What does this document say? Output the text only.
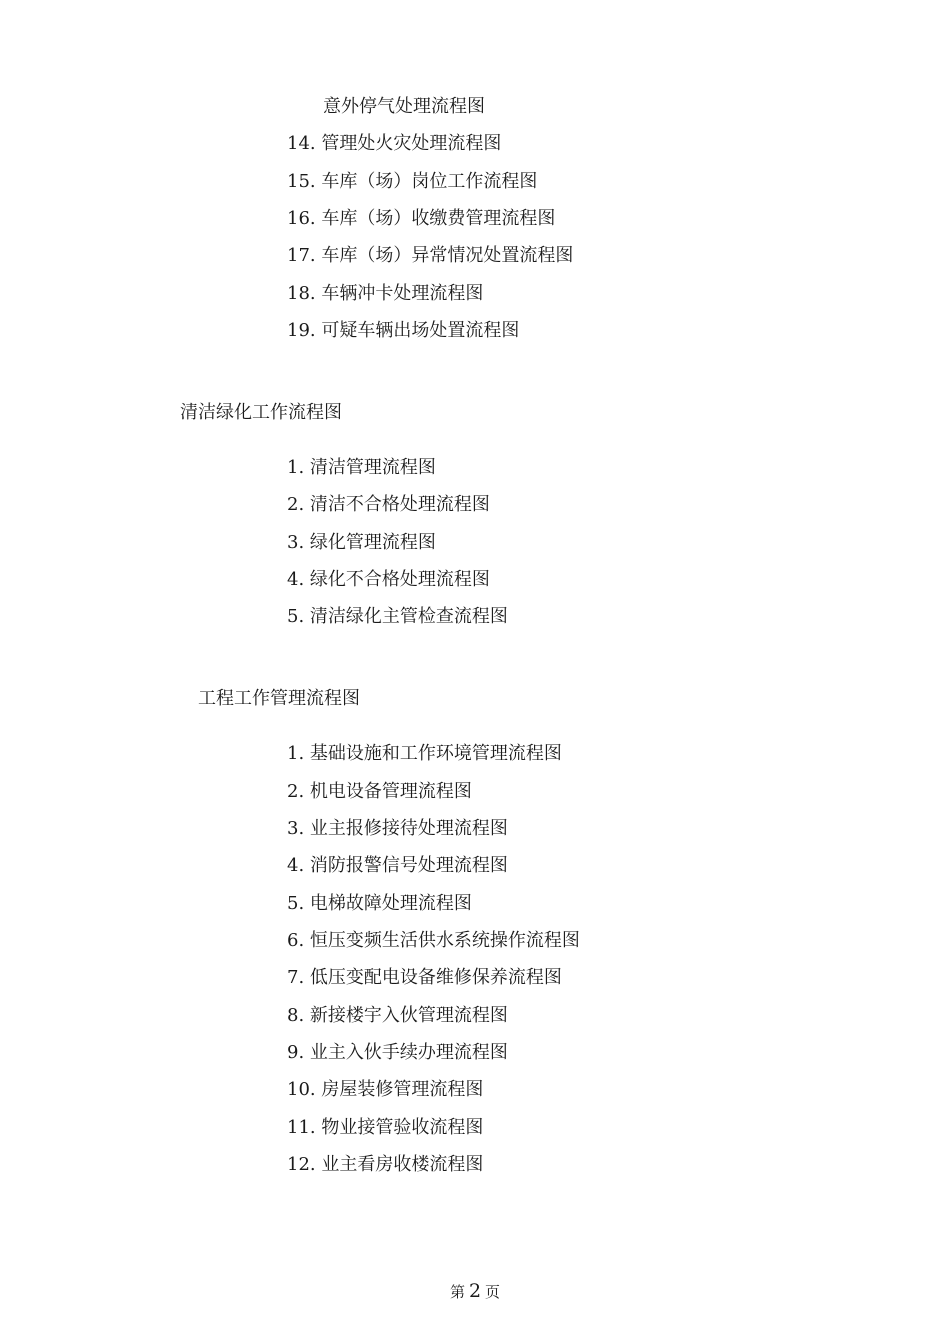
意外停气处理流程图
14. 管理处火灾处理流程图
15. 车库（场）岗位工作流程图
16. 车库（场）收缴费管理流程图
17. 车库（场）异常情况处置流程图
18. 车辆冲卡处理流程图
19. 可疑车辆出场处置流程图
清洁绿化工作流程图
1. 清洁管理流程图
2. 清洁不合格处理流程图
3. 绿化管理流程图
4. 绿化不合格处理流程图
5. 清洁绿化主管检查流程图
工程工作管理流程图
1. 基础设施和工作环境管理流程图
2. 机电设备管理流程图
3. 业主报修接待处理流程图
4. 消防报警信号处理流程图
5. 电梯故障处理流程图
6. 恒压变频生活供水系统操作流程图
7. 低压变配电设备维修保养流程图
8. 新接楼宇入伙管理流程图
9. 业主入伙手续办理流程图
10. 房屋装修管理流程图
11. 物业接管验收流程图
12. 业主看房收楼流程图
第 2 页
